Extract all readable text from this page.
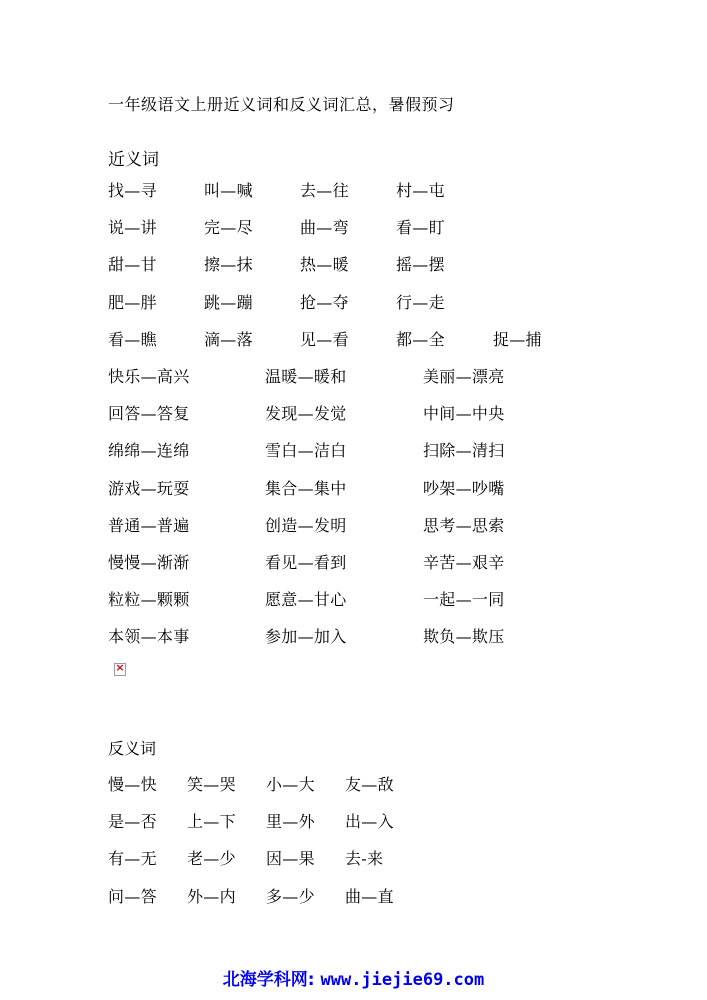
一年级语文上册近义词和反义词汇总，暑假预习
近义词
找—寻	叫—喊	去—往	村—屯
说—讲	完—尽	曲—弯	看—盯
甜—甘	擦—抹	热—暖	摇—摆
肥—胖	跳—蹦	抢—夺	行—走
看—瞧	滴—落	见—看	都—全	捉—捕
快乐—高兴	温暖—暖和	美丽—漂亮
回答—答复	发现—发觉	中间—中央
绵绵—连绵	雪白—洁白	扫除—清扫
游戏—玩耍	集合—集中	吵架—吵嘴
普通—普遍	创造—发明	思考—思索
慢慢—渐渐	看见—看到	辛苦—艰辛
粒粒—颗颗	愿意—甘心	一起—一同
本领—本事	参加—加入	欺负—欺压
×
反义词
慢—快 笑—哭 小—大 友—敌
是—否 上—下 里—外 出—入
有—无 老—少 因—果 去-来
问—答 外—内 多—少 曲—直
北海学科网: www.jiejie69.com
